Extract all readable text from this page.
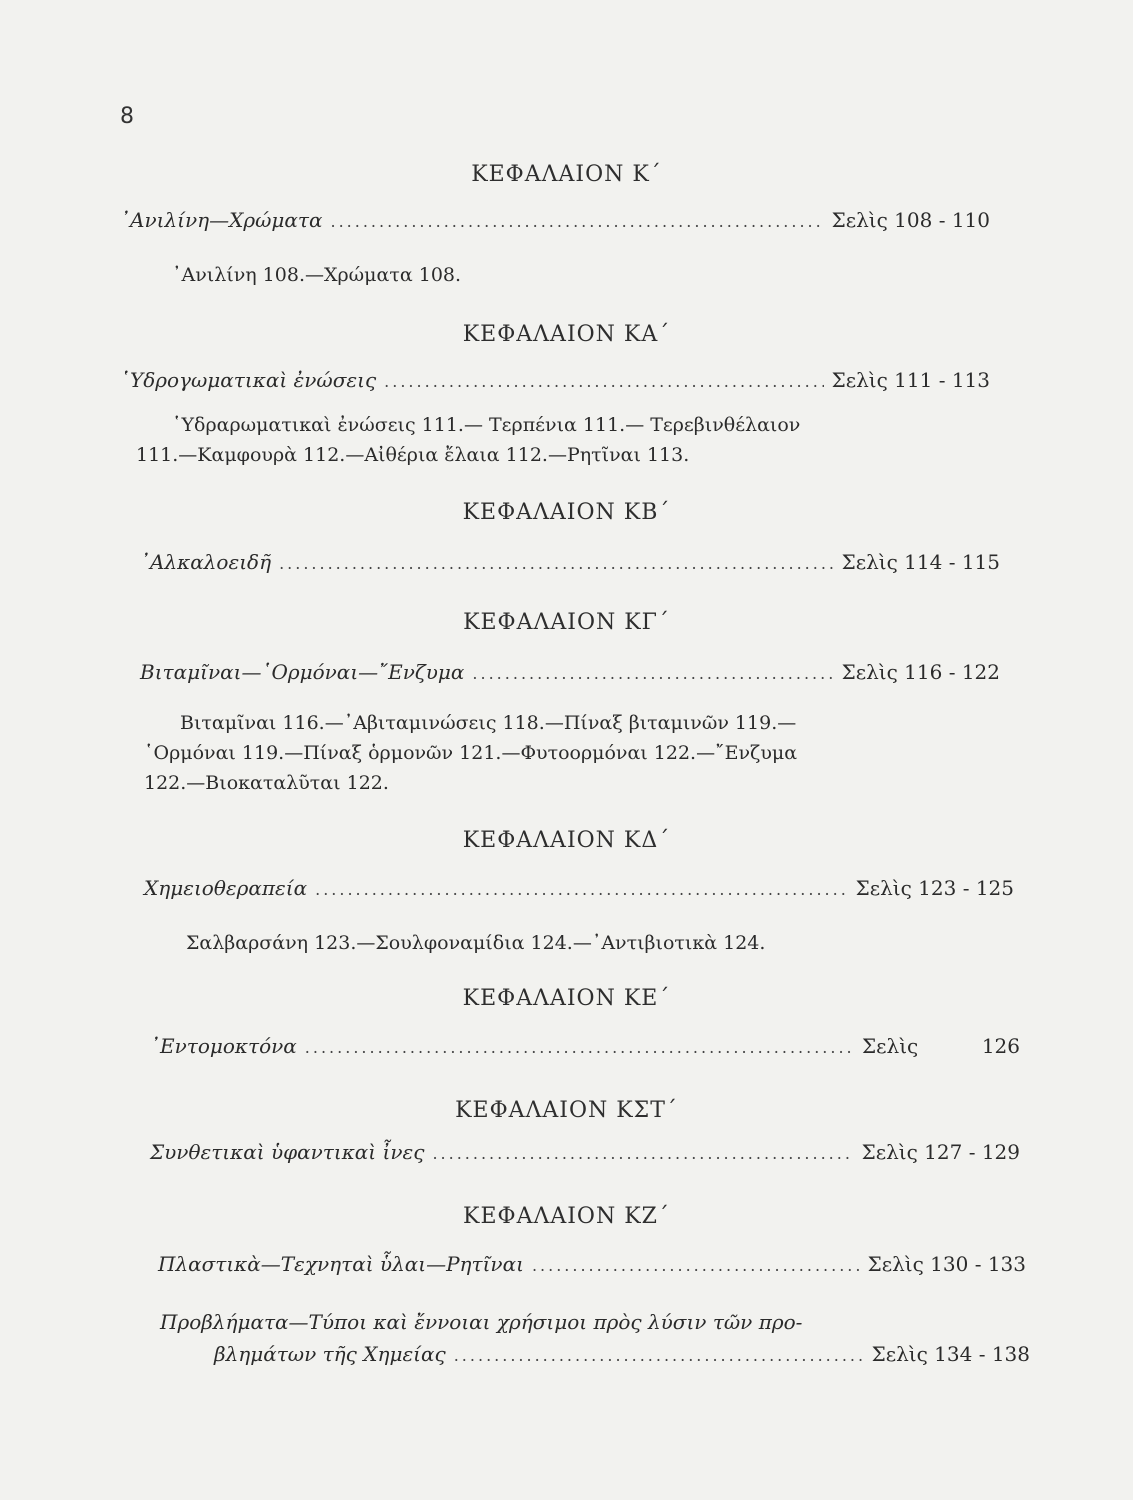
8
ΚΕΦΑΛΑΙΟΝ Κ΄
᾿Ανιλίνη—Χρώματα .....	Σελὶς 108 - 110

᾿Ανιλίνη 108.—Χρώματα 108.

ΚΕΦΑΛΑΙΟΝ ΚΑ΄
῾Υδρογωματικαὶ ἐνώσεις .....	Σελὶς 111 - 113

῾Υδραρωματικαὶ ἐνώσεις 111.— Τερπένια 111.— Τερεβινθέλαιον

111.—Καμφουρὰ 112.—Αἰθέρια ἔλαια 112.—Ρητῖναι 113.

ΚΕΦΑΛΑΙΟΝ ΚΒ΄
᾿Αλκαλοειδῆ .....	Σελὶς 114 - 115
ΚΕΦΑΛΑΙΟΝ ΚΓ΄
Βιταμῖναι—῾Ορμόναι—῎Ενζυμα .....	Σελὶς 116 - 122

Βιταμῖναι 116.—᾿Αβιταμινώσεις 118.—Πίναξ βιταμινῶν 119.—

῾Ορμόναι 119.—Πίναξ ὁρμονῶν 121.—Φυτοορμόναι 122.—῎Ενζυμα

122.—Βιοκαταλῦται 122.

ΚΕΦΑΛΑΙΟΝ ΚΔ΄
Χημειοθεραπεία .....	Σελὶς 123 - 125

Σαλβαρσάνη 123.—Σουλφοναμίδια 124.—᾿Αντιβιοτικὰ 124.

ΚΕΦΑΛΑΙΟΝ ΚΕ΄
᾿Εντομοκτόνα .....	Σελὶς          126
ΚΕΦΑΛΑΙΟΝ ΚΣΤ΄
Συνθετικαὶ ὑφαντικαὶ ἶνες .....	Σελὶς 127 - 129
ΚΕΦΑΛΑΙΟΝ ΚΖ΄
Πλαστικὰ—Τεχνηταὶ ὗλαι—Ρητῖναι .....	Σελὶς 130 - 133
Προβλήματα—Τύποι καὶ ἔννοιαι χρήσιμοι πρὸς λύσιν τῶν προ-
βλημάτων τῆς Χημείας .....	Σελὶς 134 - 138
